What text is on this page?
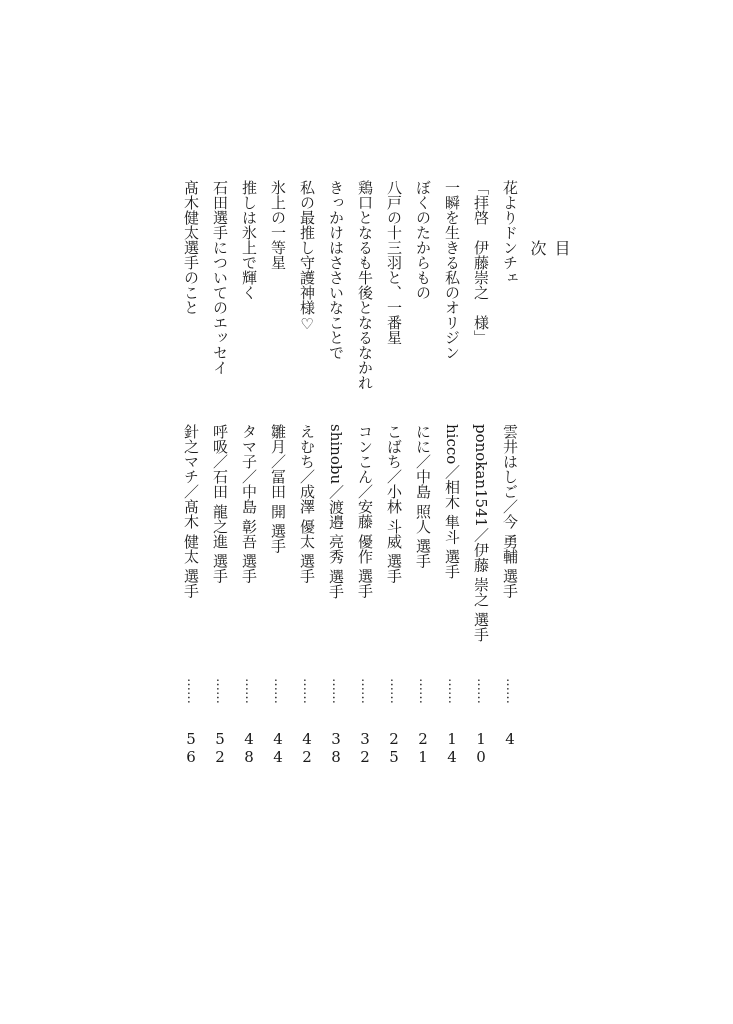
目　次
花よりドンチェ
雲井はしご／今 勇輔 選手
……
4
「拝啓　伊藤崇之　様」
ponokan1541／伊藤 崇之 選手
……
10
一瞬を生きる私のオリジン
hicco／相木 隼斗 選手
……
14
ぼくのたからもの
にに／中島 照人 選手
……
21
八戸の十三羽と、一番星
こばち／小林 斗威 選手
……
25
鶏口となるも牛後となるなかれ
コンこん／安藤 優作 選手
……
32
きっかけはささいなことで
shinobu／渡邉 亮秀 選手
……
38
私の最推し守護神様♡
えむち／成澤 優太 選手
……
42
氷上の一等星
雛月／冨田 開 選手
……
44
推しは氷上で輝く
タマ子／中島 彰吾 選手
……
48
石田選手についてのエッセイ
呼吸／石田 龍之進 選手
……
52
髙木健太選手のこと
針之マチ／髙木 健太 選手
……
56
